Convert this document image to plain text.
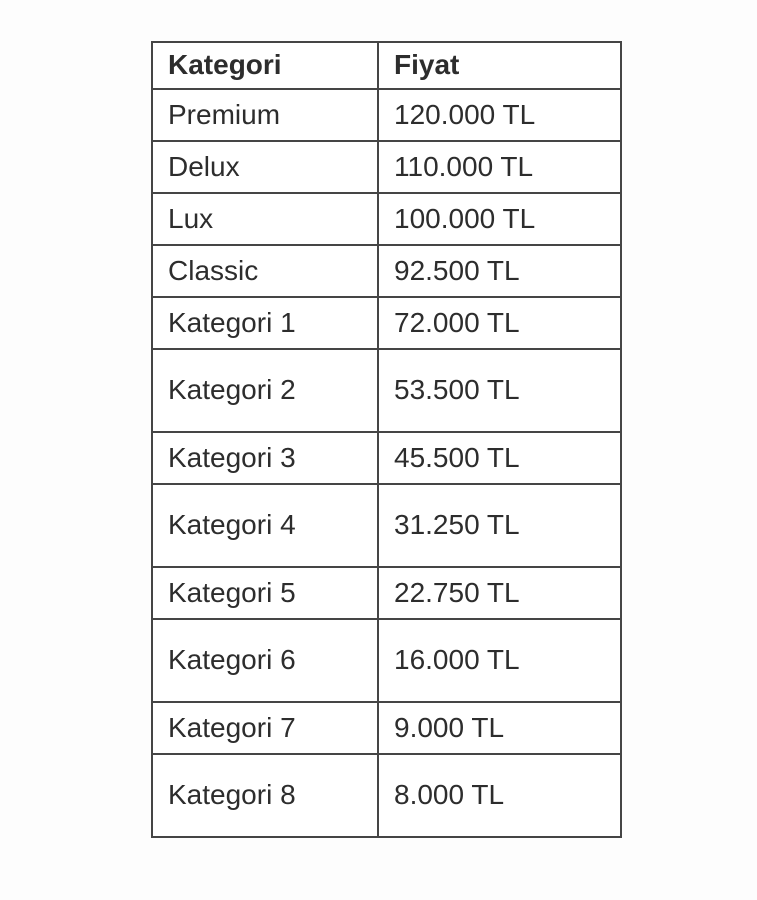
Kategori	Fiyat
Premium	120.000 TL
Delux	110.000 TL
Lux	100.000 TL
Classic	92.500 TL
Kategori 1	72.000 TL
Kategori 2	53.500 TL
Kategori 3	45.500 TL
Kategori 4	31.250 TL
Kategori 5	22.750 TL
Kategori 6	16.000 TL
Kategori 7	9.000 TL
Kategori 8	8.000 TL
